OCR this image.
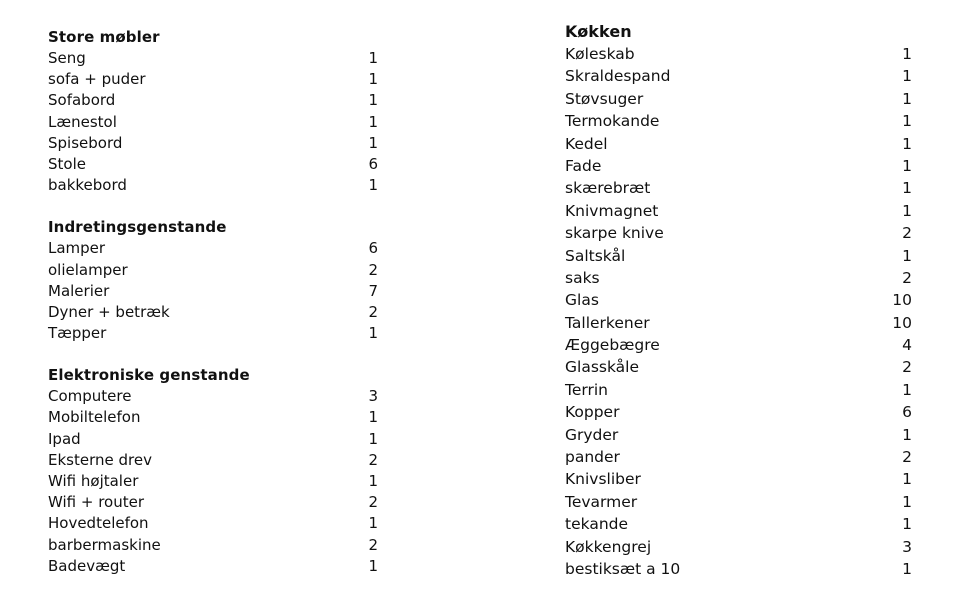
Store møbler
Seng	1
sofa + puder	1
Sofabord	1
Lænestol	1
Spisebord	1
Stole	6
bakkebord	1
Indretingsgenstande
Lamper	6
olielamper	2
Malerier	7
Dyner + betræk	2
Tæpper	1
Elektroniske genstande
Computere	3
Mobiltelefon	1
Ipad	1
Eksterne drev	2
Wifi højtaler	1
Wifi + router	2
Hovedtelefon	1
barbermaskine	2
Badevægt	1
Køkken
Køleskab	1
Skraldespand	1
Støvsuger	1
Termokande	1
Kedel	1
Fade	1
skærebræt	1
Knivmagnet	1
skarpe knive	2
Saltskål	1
saks	2
Glas	10
Tallerkener	10
Æggebægre	4
Glasskåle	2
Terrin	1
Kopper	6
Gryder	1
pander	2
Knivsliber	1
Tevarmer	1
tekande	1
Køkkengrej	3
bestiksæt a 10	1
